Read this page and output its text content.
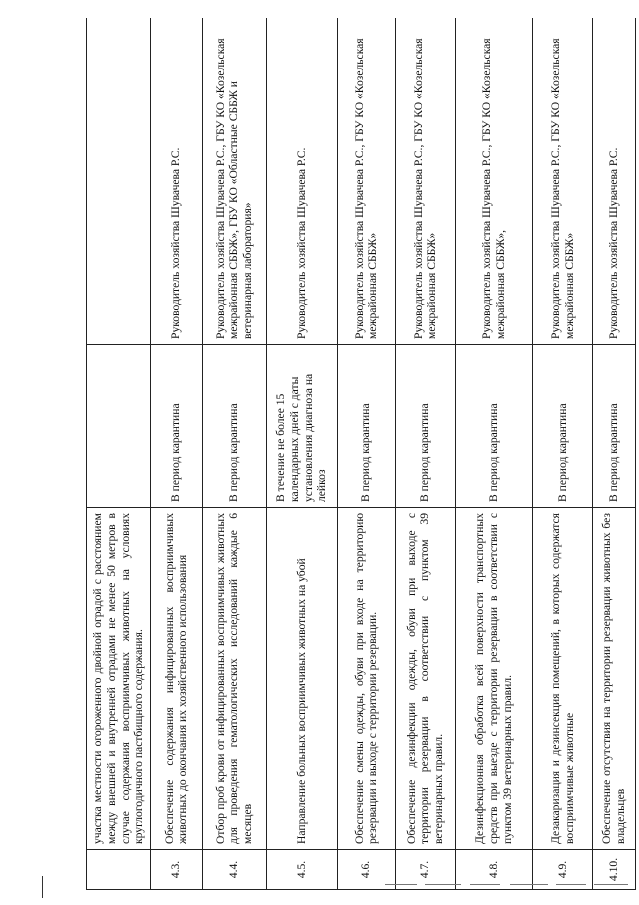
	участка местности огороженного двойной оградой с расстоянием между внешней и внутренней отрадами не менее 50 метров в случае содержания восприимчивых животных на условиях круглогодичного пастбищного содержания.		
4.3.	Обеспечение содержания инфицированных восприимчивых животных до окончания их хозяйственного использования	В период карантина	Руководитель хозяйства Шувачева Р.С.
4.4.	Отбор проб крови от инфицированных восприимчивых животных для проведения гематологических исследований каждые 6 месяцев	В период карантина	Руководитель хозяйства Шувачева Р.С., ГБУ КО «Козельская межрайонная СББЖ», ГБУ КО «Областные СББЖ и ветеринарная лаборатория»
4.5.	Направление больных восприимчивых животных на убой	В течение не более 15 календарных дней с даты установления диагноза на лейкоз	Руководитель хозяйства Шувачева Р.С.
4.6.	Обеспечение смены одежды, обуви при входе на территорию резервации и выходе с территории резервации.	В период карантина	Руководитель хозяйства Шувачева Р.С., ГБУ КО «Козельская межрайонная СББЖ»
4.7.	Обеспечение дезинфекции одежды, обуви при выходе с территории резервации в соответствии с пунктом 39 ветеринарных правил.	В период карантина	Руководитель хозяйства Шувачева Р.С., ГБУ КО «Козельская межрайонная СББЖ»
4.8.	Дезинфекционная обработка всей поверхности транспортных средств при выезде с территории резервации в соответствии с пунктом 39 ветеринарных правил.	В период карантина	Руководитель хозяйства Шувачева Р.С., ГБУ КО «Козельская межрайонная СББЖ»,
4.9.	Дезакаризация и дезинсекция помещений, в которых содержатся восприимчивые животные	В период карантина	Руководитель хозяйства Шувачева Р.С., ГБУ КО «Козельская межрайонная СББЖ»
4.10.	Обеспечение отсутствия на территории резервации животных без владельцев	В период карантина	Руководитель хозяйства Шувачева Р.С.
